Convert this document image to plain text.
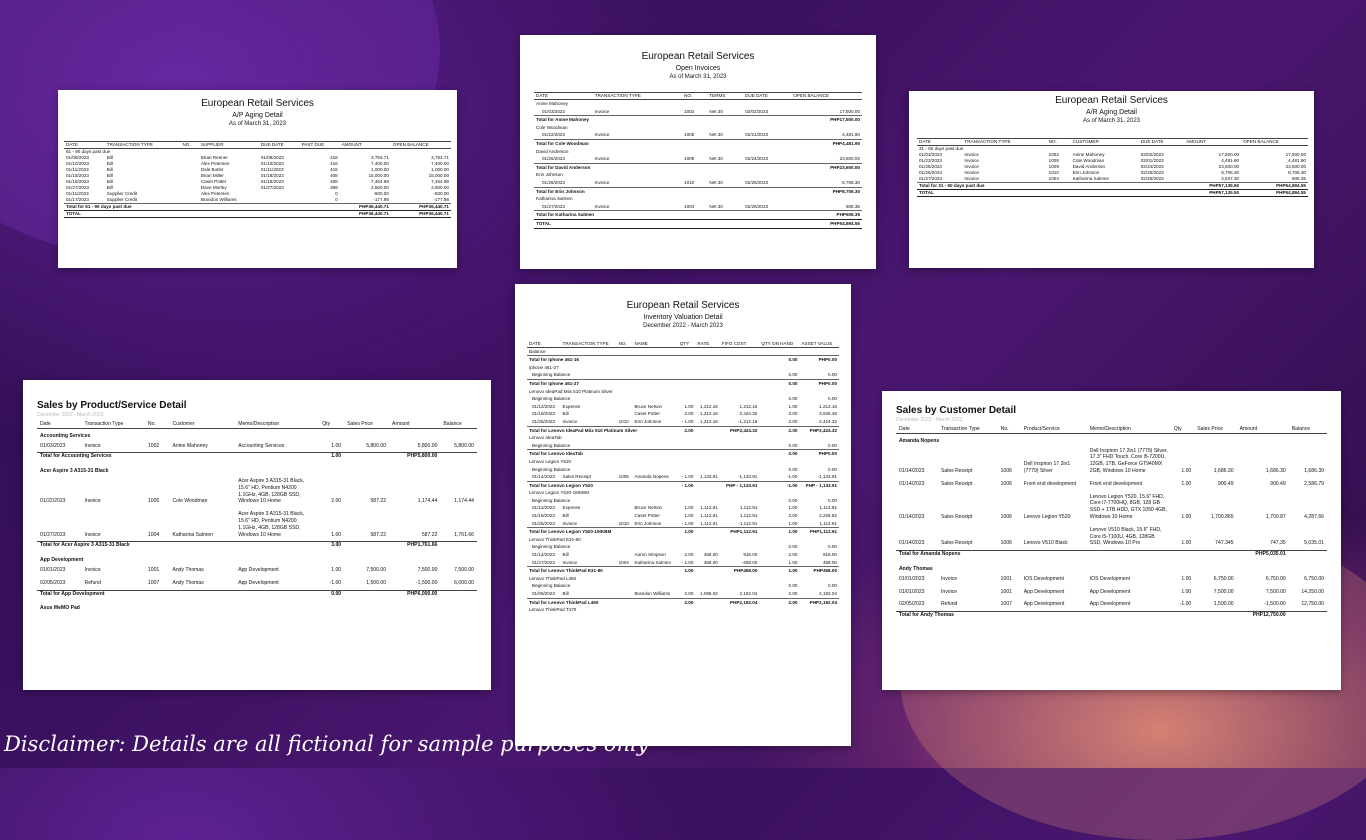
European Retail Services
A/P Aging Detail
As of March 31, 2023
DATE	TRANSACTION TYPE	NO.	SUPPLIER	DUE DATE	PAST DUE	AMOUNT	OPEN BALANCE
61 - 90 days past due							
01/08/2023	Bill		Brian Renner	01/08/2023	418	3,753.71	3,753.71
01/10/2023	Bill		Alex Petersen	01/10/2023	416	7,400.00	7,400.00
01/11/2023	Bill		Dale Butler	01/11/2023	415	1,000.00	1,000.00
01/18/2023	Bill		Brian Miller	01/18/2023	408	15,000.00	15,000.00
01/18/2023	Bill		Caset Potter	01/18/2023	408	7,464.98	7,464.98
01/27/2023	Bill		Dave Morley	01/27/2023	399	2,500.00	2,500.00
01/11/2023	Supplier Credit		Alex Petersen		0	-500.00	-500.00
01/17/2023	Supplier Credit		Brandon Williams		0	-177.98	-177.98
Total for 61 - 90 days past due						PHP36,440.71	PHP36,440.71
TOTAL						PHP36,440.71	PHP36,440.71
European Retail Services
Open Invoices
As of March 31, 2023
DATE	TRANSACTION TYPE	NO.	TERMS	DUE DATE	OPEN BALANCE
Anine Mahoney					
01/03/2023	Invoice	1002	Net 30	02/02/2023	17,500.00
Total for Anine Mahoney					PHP17,500.00
Cole Woodman					
01/22/2023	Invoice	1005	Net 30	02/21/2023	4,481.90
Total for Cole Woodman					PHP4,481.90
David Anderson					
01/25/2023	Invoice	1009	Net 30	02/24/2023	23,600.00
Total for David Anderson					PHP23,600.00
Erin Johnson					
01/26/2023	Invoice	1010	Net 30	02/25/2023	8,706.30
Total for Erin Johnson					PHP8,706.30
Katharina Salmen					
01/27/2023	Invoice	1004	Net 30	02/26/2023	606.35
Total for Katharina Salmen					PHP606.35
TOTAL					PHP54,894.55
European Retail Services
A/R Aging Detail
As of March 31, 2023
DATE	TRANSACTION TYPE	NO.	CUSTOMER	DUE DATE	AMOUNT	OPEN BALANCE
31 - 60 days past due						
01/03/2023	Invoice	1002	Anine Mahoney	02/02/2023	17,500.00	17,500.00
01/22/2023	Invoice	1005	Cole Woodman	02/01/2023	4,481.90	4,481.90
01/25/2023	Invoice	1009	David Anderson	02/24/2023	23,600.00	23,600.00
01/26/2023	Invoice	1010	Erin Johnson	02/25/2023	8,706.30	8,706.30
01/27/2023	Invoice	1004	Katharina Salmen	02/26/2023	2,847.30	606.35
Total for 31 - 60 days past due					PHP57,135.50	PHP54,894.55
TOTAL					PHP57,135.50	PHP54,894.55
European Retail Services
Inventory Valuation Detail
December 2022 - March 2023
DATE	TRANSACTION TYPE	NO.	NAME	QTY	RATE	FIFO COST	QTY ON HAND	ASSET VALUE
Balance								
Total for Iphone 461-16							0.00	PHP0.00
Iphone 461-27								
Beginning Balance							0.00	0.00
Total for Iphone 461-27							0.00	PHP0.00
Lenovo IdeaPad Miix 510 Platinum Silver								
Beginning Balance							0.00	0.00
01/12/2023	Expense		Bruce Nelson	1.00	1,212.16	1,212.16	1.00	1,212.16
01/18/2023	Bill		Caset Potter	2.00	1,212.16	2,424.32	3.00	3,636.48
01/25/2023	Invoice	1010	Erin Johnson	- 1.00	1,212.16	-1,212.16	2.00	2,424.32
Total for Lenovo IdeaPad Miix 510 Platinum Silver				2.00		PHP2,424.32	2.00	PHP2,424.32
Lenovo IdeaTab								
Beginning Balance							0.00	0.00
Total for Lenovo IdeaTab							0.00	PHP0.00
Lenovo Legion Y520								
Beginning Balance							0.00	0.00
01/14/2023	Sales Receipt	1006	Amanda Nopens	- 1.00	1,133.91	-1,133.91	-1.00	-1,133.91
Total for Lenovo Legion Y520				- 1.00		PHP - 1,133.91	-1.00	PHP - 1,133.91
Lenovo Legion Y520-15IKBM								
Beginning Balance							0.00	0.00
01/12/2023	Expense		Bruce Nelson	1.00	1,112.91	1,112.91	1.00	1,112.91
01/18/2023	Bill		Caset Potter	1.00	1,112.91	1,112.91	2.00	2,225.82
01/25/2023	Invoice	1010	Erin Johnson	- 1.00	1,112.91	-1,112.91	1.00	1,112.91
Total for Lenovo Legion Y520-15IKBM				1.00		PHP1,112.91	1.00	PHP1,112.91
Lenovo ThinkPad E31-80								
Beginning Balance							0.00	0.00
01/14/2023	Bill		Aaron Simpson	2.00	458.00	916.00	2.00	916.00
01/27/2023	Invoice	1004	Katharina Salmen	- 1.00	458.00	-458.00	1.00	458.00
Total for Lenovo ThinkPad E31-80				1.00		PHP458.00	1.00	PHP458.00
Lenovo ThinkPad L460								
Beginning Balance							0.00	0.00
01/08/2023	Bill		Brandon Williams	2.00	1,096.02	2,192.04	2.00	2,192.04
Total for Lenovo ThinkPad L460				2.00		PHP2,192.04	2.00	PHP2,192.04
Lenovo ThinkPad T470								
Sales by Product/Service Detail
December 2022 - March 2023
Date	Transaction Type	No.	Customer	Memo/Description	Qty	Sales Price	Amount	Balance
Accounting Services								
01/03/2023	Invoice	1002	Anine Mahoney	Accounting Services	1.00	5,800.00	5,800.00	5,800.00
Total for Accounting Services					1.00		PHP5,800.00	
Acer Aspire 3 A315-31 Black								
01/22/2023	Invoice	1005	Cole Woodman	Acer Aspire 3 A315-31 Black, 15.6" HD, Pentium N4200 1.1GHz, 4GB, 128GB SSD, Windows 10 Home	2.00	587.22	1,174.44	1,174.44
01/27/2023	Invoice	1004	Katharina Salmen	Acer Aspire 3 A315-31 Black, 15.6" HD, Pentium N4200 1.1GHz, 4GB, 128GB SSD, Windows 10 Home	1.00	587.22	587.22	1,761.66
Total for Acer Aspire 3 A315-31 Black					3.00		PHP1,761.66	
App Development								
01/01/2023	Invoice	1001	Andy Thomas	App Development	1.00	7,500.00	7,500.00	7,500.00
02/05/2023	Refund	1007	Andy Thomas	App Development	-1.00	1,500.00	-1,500.00	6,000.00
Total for App Development					0.00		PHP6,000.00	
Asus MeMO Pad								
Sales by Customer Detail
December 2022 - March 2023
Date	Transaction Type	No.	Product/Service	Memo/Description	Qty	Sales Price	Amount	Balance
Amanda Nopens								
01/14/2023	Sales Receipt	1006	Dell Inspiron 17 2in1 (7779) Silver	Dell Inspiron 17 2in1 (7779) Silver, 17.3" FHD Touch, Core i5-7200U, 12GB, 1TB, GeForce GT940MX 2GB, Windows 10 Home	1.00	1,686.30	1,686.30	1,686.30
01/14/2023	Sales Receipt	1006	Front end development	Front end development	1.00	900.49	900.49	2,586.79
01/14/2023	Sales Receipt	1006	Lenovo Legion Y520	Lenovo Legion Y520, 15.6" FHD, Core i7-7700HQ, 8GB, 128 GB SSD + 1TB HDD, GTX 1050 4GB, Windows 10 Home	1.00	1,700.865	1,700.87	4,287.66
01/14/2023	Sales Receipt	1006	Lenovo V510 Black	Lenovo V510 Black, 15.6" FHD, Core i5-7100U, 4GB, 128GB SSD, Windows 10 Pro	1.00	747.345	747.35	5,035.01
Total for Amanda Nopens							PHP5,035.01	
Andy Thomas								
01/01/2023	Invoice	1001	IOS Development	IOS Development	1.00	6,750.00	6,750.00	6,750.00
01/01/2023	Invoice	1001	App Development	App Development	1.00	7,500.00	7,500.00	14,250.00
02/05/2023	Refund	1007	App Development	App Development	-1.00	1,500.00	-1,500.00	12,750.00
Total for Andy Thomas							PHP12,750.00	
Disclaimer: Details are all fictional for sample purposes only
